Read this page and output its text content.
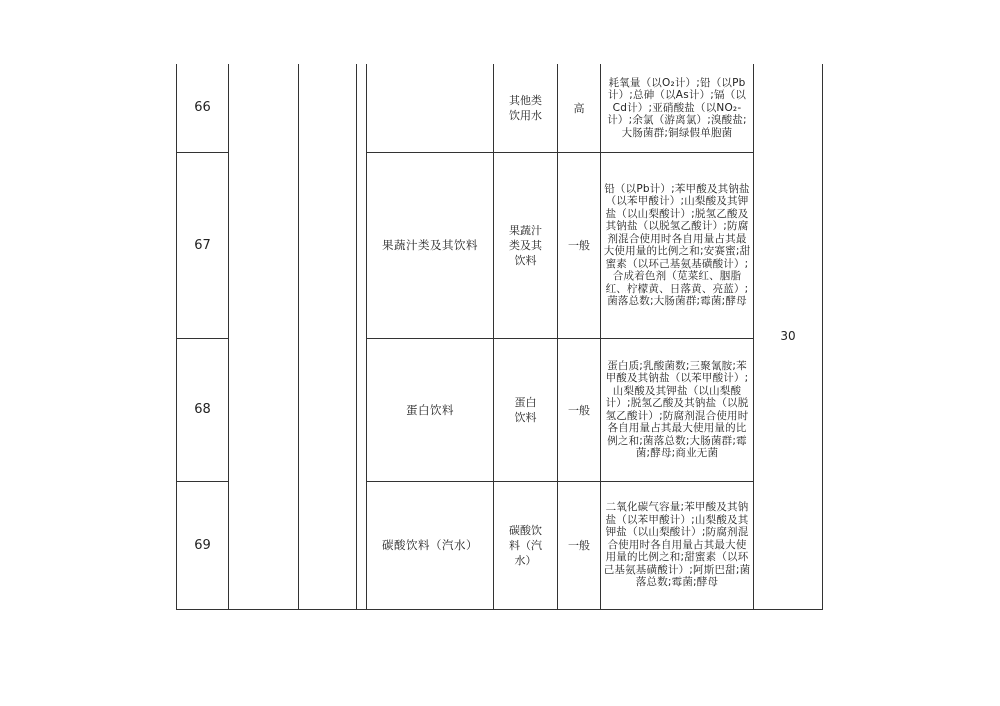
66					其他类饮用水	高	耗氧量（以O₂计）;铅（以Pb计）;总砷（以As计）;镉（以Cd计）;亚硝酸盐（以NO₂-计）;余氯（游离氯）;溴酸盐;大肠菌群;铜绿假单胞菌	30
67				果蔬汁类及其饮料	果蔬汁类及其饮料	一般	铅（以Pb计）;苯甲酸及其钠盐（以苯甲酸计）;山梨酸及其钾盐（以山梨酸计）;脱氢乙酸及其钠盐（以脱氢乙酸计）;防腐剂混合使用时各自用量占其最大使用量的比例之和;安赛蜜;甜蜜素（以环己基氨基磺酸计）;合成着色剂（苋菜红、胭脂红、柠檬黄、日落黄、亮蓝）;菌落总数;大肠菌群;霉菌;酵母	
68				蛋白饮料	蛋白饮料	一般	蛋白质;乳酸菌数;三聚氰胺;苯甲酸及其钠盐（以苯甲酸计）;山梨酸及其钾盐（以山梨酸计）;脱氢乙酸及其钠盐（以脱氢乙酸计）;防腐剂混合使用时各自用量占其最大使用量的比例之和;菌落总数;大肠菌群;霉菌;酵母;商业无菌	
69				碳酸饮料（汽水）	碳酸饮料（汽水）	一般	二氧化碳气容量;苯甲酸及其钠盐（以苯甲酸计）;山梨酸及其钾盐（以山梨酸计）;防腐剂混合使用时各自用量占其最大使用量的比例之和;甜蜜素（以环己基氨基磺酸计）;阿斯巴甜;菌落总数;霉菌;酵母	
